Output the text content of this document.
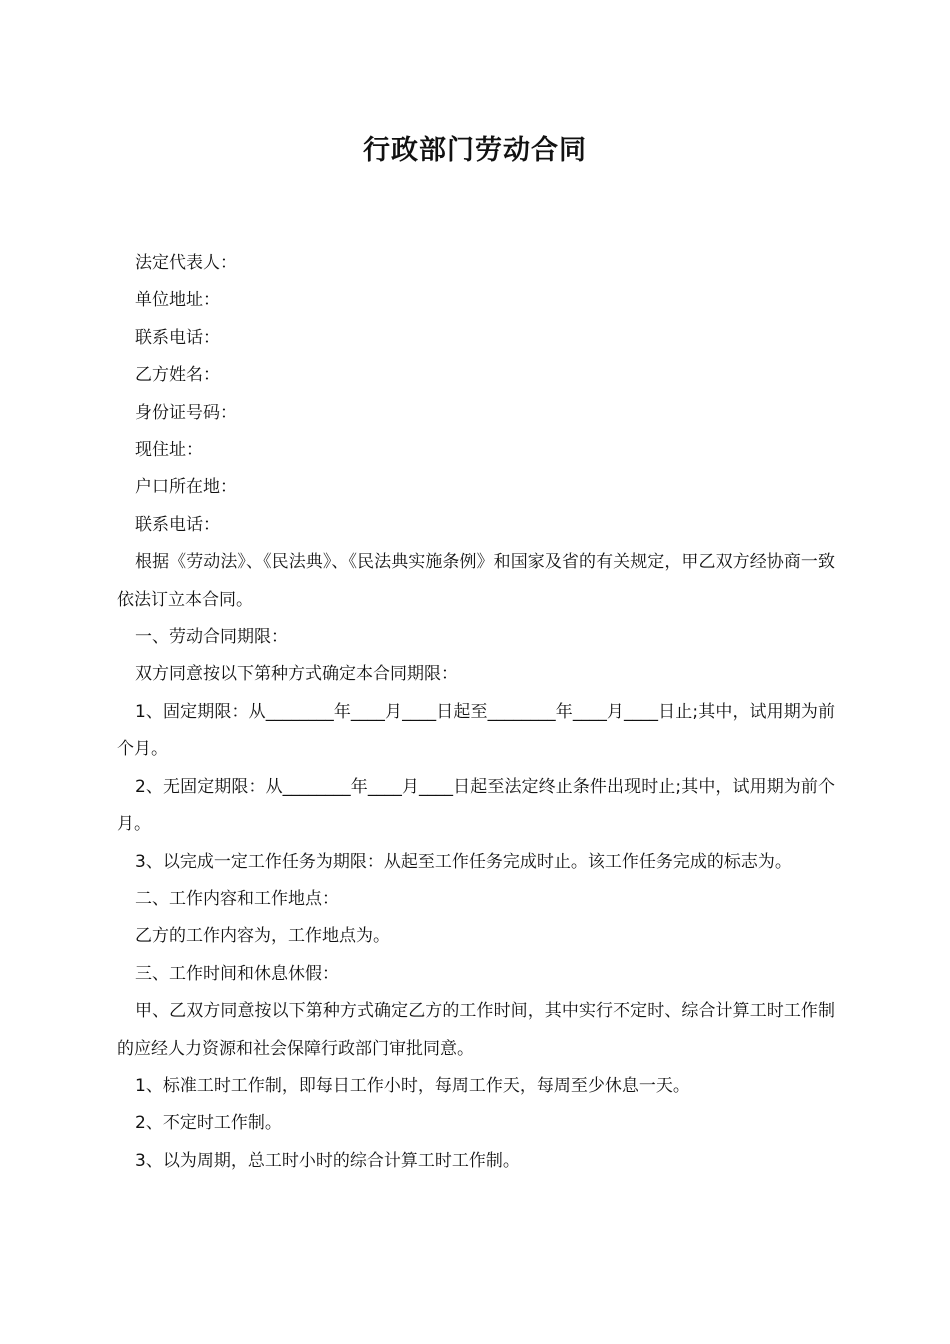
行政部门劳动合同

法定代表人：

单位地址：

联系电话：

乙方姓名：

身份证号码：

现住址：

户口所在地：

联系电话：

根据《劳动法》、《民法典》、《民法典实施条例》和国家及省的有关规定，甲乙双方经协商一致依法订立本合同。

一、劳动合同期限：

双方同意按以下第种方式确定本合同期限：

1、固定期限：从________年____月____日起至________年____月____日止;其中，试用期为前个月。

2、无固定期限：从________年____月____日起至法定终止条件出现时止;其中，试用期为前个月。

3、以完成一定工作任务为期限：从起至工作任务完成时止。该工作任务完成的标志为。

二、工作内容和工作地点：

乙方的工作内容为，工作地点为。

三、工作时间和休息休假：

甲、乙双方同意按以下第种方式确定乙方的工作时间，其中实行不定时、综合计算工时工作制的应经人力资源和社会保障行政部门审批同意。

1、标准工时工作制，即每日工作小时，每周工作天，每周至少休息一天。

2、不定时工作制。

3、以为周期，总工时小时的综合计算工时工作制。
